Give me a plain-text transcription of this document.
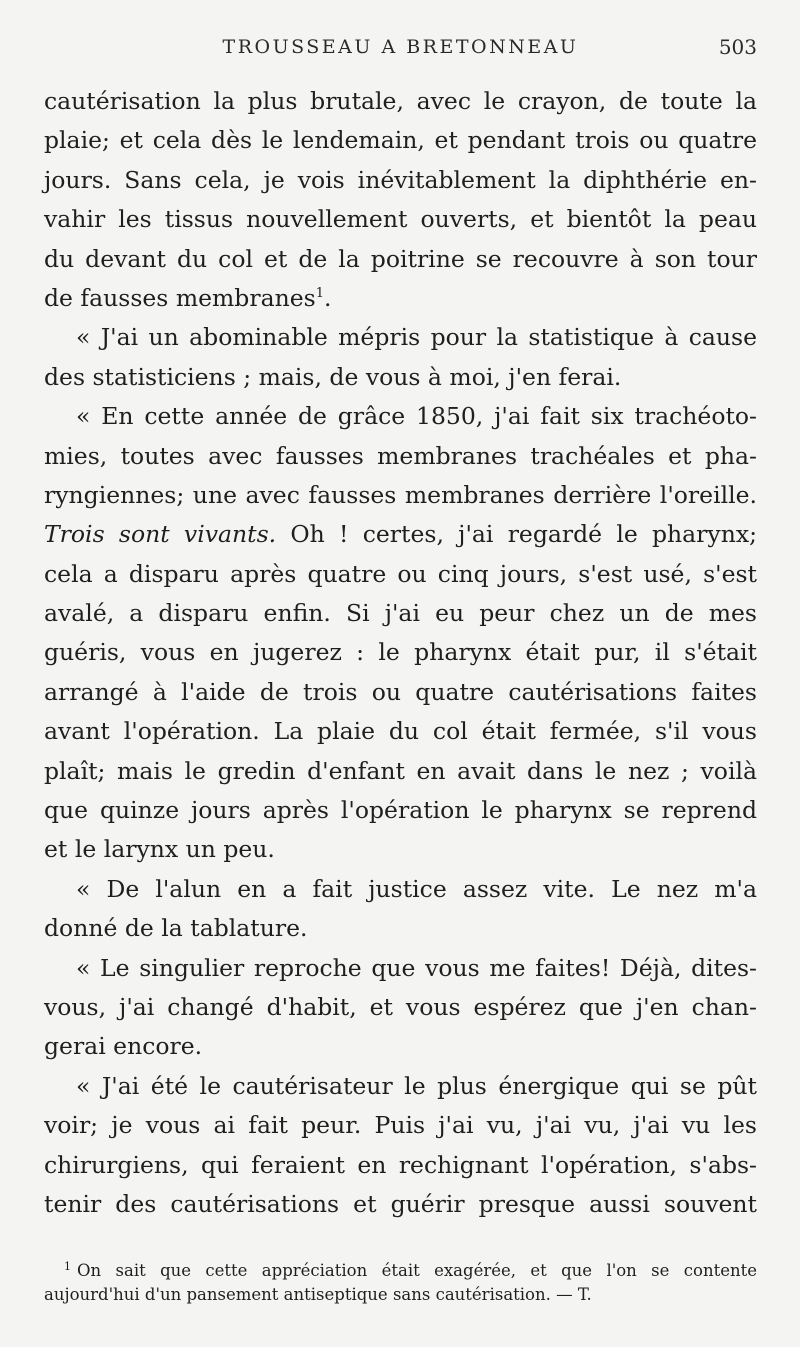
TROUSSEAU A BRETONNEAU	503
cautérisation la plus brutale, avec le crayon, de toute la
plaie; et cela dès le lendemain, et pendant trois ou quatre
jours. Sans cela, je vois inévitablement la diphthérie en-
vahir les tissus nouvellement ouverts, et bientôt la peau
du devant du col et de la poitrine se recouvre à son tour
de fausses membranes$^1$.
« J'ai un abominable mépris pour la statistique à cause
des statisticiens ; mais, de vous à moi, j'en ferai.
« En cette année de grâce 1850, j'ai fait six trachéoto-
mies, toutes avec fausses membranes trachéales et pha-
ryngiennes; une avec fausses membranes derrière l'oreille.
Trois sont vivants. Oh ! certes, j'ai regardé le pharynx;
cela a disparu après quatre ou cinq jours, s'est usé, s'est
avalé, a disparu enfin. Si j'ai eu peur chez un de mes
guéris, vous en jugerez : le pharynx était pur, il s'était
arrangé à l'aide de trois ou quatre cautérisations faites
avant l'opération. La plaie du col était fermée, s'il vous
plaît; mais le gredin d'enfant en avait dans le nez ; voilà
que quinze jours après l'opération le pharynx se reprend
et le larynx un peu.
« De l'alun en a fait justice assez vite. Le nez m'a
donné de la tablature.
« Le singulier reproche que vous me faites! Déjà, dites-
vous, j'ai changé d'habit, et vous espérez que j'en chan-
gerai encore.
« J'ai été le cautérisateur le plus énergique qui se pût
voir; je vous ai fait peur. Puis j'ai vu, j'ai vu, j'ai vu les
chirurgiens, qui feraient en rechignant l'opération, s'abs-
tenir des cautérisations et guérir presque aussi souvent
$^1$ On sait que cette appréciation était exagérée, et que l'on se contente
aujourd'hui d'un pansement antiseptique sans cautérisation. — T.
